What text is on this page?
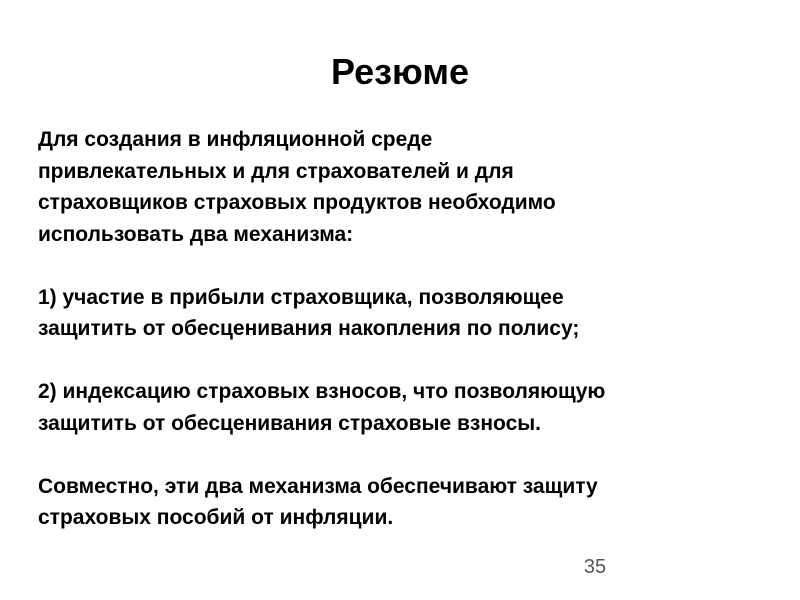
Резюме

Для создания в инфляционной среде
привлекательных и для страхователей и для
страховщиков страховых продуктов необходимо
использовать два механизма:

1) участие в прибыли страховщика, позволяющее
защитить от обесценивания накопления по полису;

2) индексацию страховых взносов, что позволяющую
защитить от обесценивания страховые взносы.

Совместно, эти два механизма обеспечивают защиту
страховых пособий от инфляции.

35
